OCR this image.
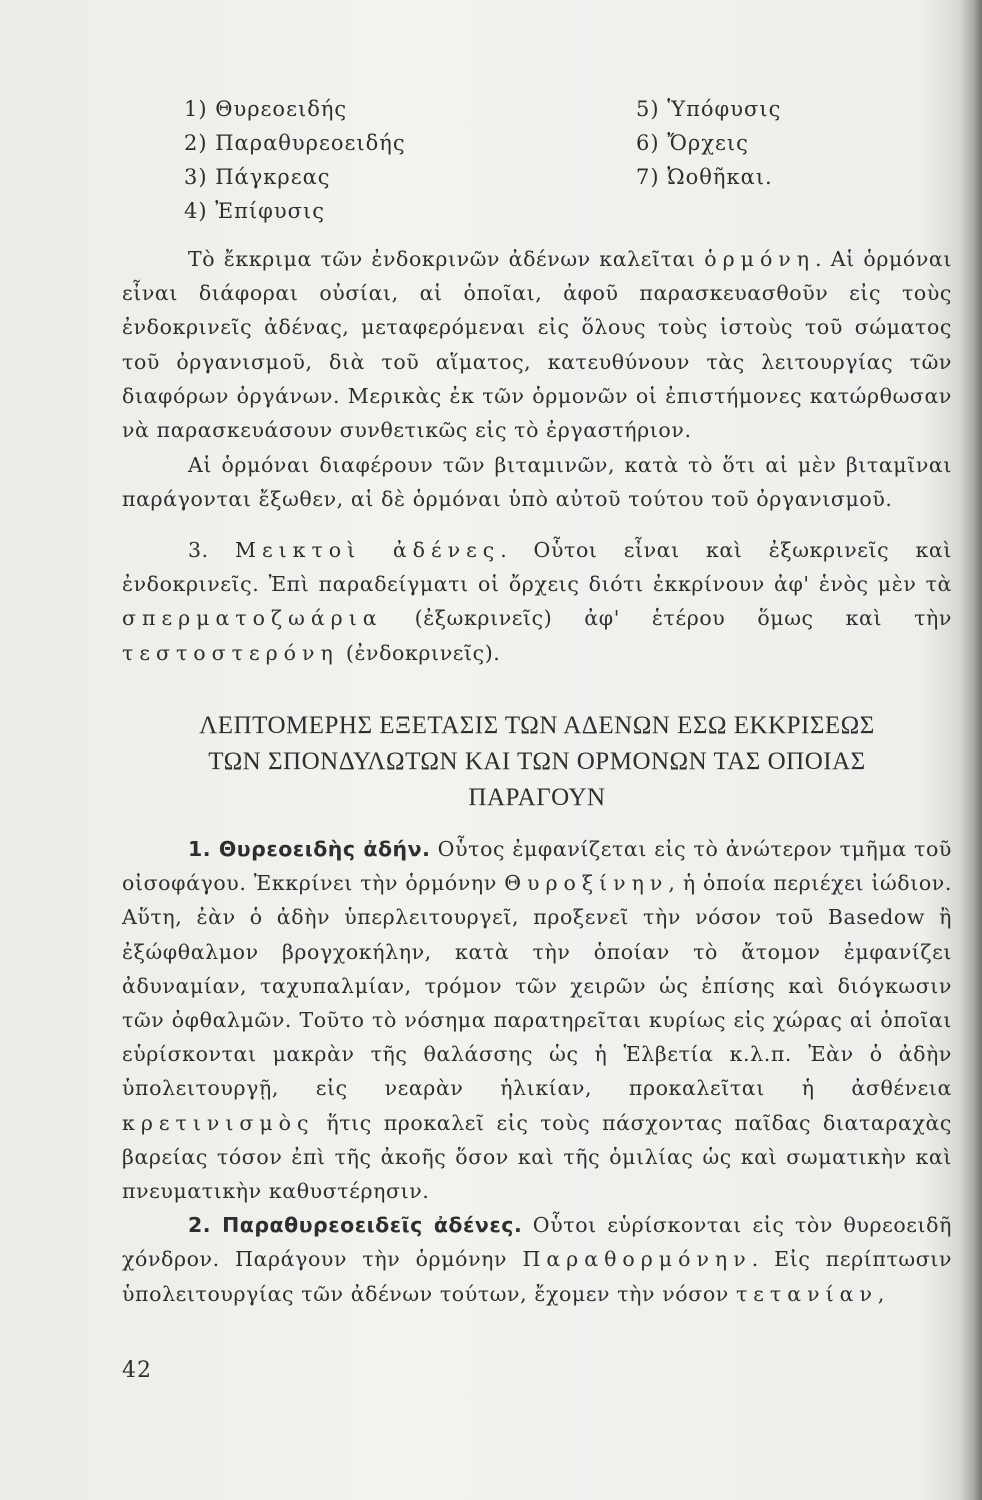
1) Θυρεοειδής
2) Παραθυρεοειδής
3) Πάγκρεας
4) Ἐπίφυσις
5) Ὑπόφυσις
6) Ὄρχεις
7) Ὠοθῆκαι.

Τὸ ἔκκριμα τῶν ἐνδοκρινῶν ἀδένων καλεῖται ὁρμόνη. Αἱ ὁρμόναι εἶναι διάφοραι οὐσίαι, αἱ ὁποῖαι, ἀφοῦ παρασκευασθοῦν εἰς τοὺς ἐνδοκρινεῖς ἀδένας, μεταφερόμεναι εἰς ὅλους τοὺς ἱστοὺς τοῦ σώματος τοῦ ὀργανισμοῦ, διὰ τοῦ αἵματος, κατευθύνουν τὰς λειτουργίας τῶν διαφόρων ὀργάνων. Μερικὰς ἐκ τῶν ὁρμονῶν οἱ ἐπιστήμονες κατώρθωσαν νὰ παρασκευάσουν συνθετικῶς εἰς τὸ ἐργαστήριον.

Αἱ ὁρμόναι διαφέρουν τῶν βιταμινῶν, κατὰ τὸ ὅτι αἱ μὲν βιταμῖναι παράγονται ἔξωθεν, αἱ δὲ ὁρμόναι ὑπὸ αὐτοῦ τούτου τοῦ ὀργανισμοῦ.

3. Μεικτοὶ ἀδένες. Οὗτοι εἶναι καὶ ἐξωκρινεῖς καὶ ἐνδοκρινεῖς. Ἐπὶ παραδείγματι οἱ ὄρχεις διότι ἐκκρίνουν ἀφ' ἑνὸς μὲν τὰ σπερματοζωάρια (ἐξωκρινεῖς) ἀφ' ἑτέρου ὅμως καὶ τὴν τεστοστερόνη (ἐνδοκρινεῖς).

ΛΕΠΤΟΜΕΡΗΣ ΕΞΕΤΑΣΙΣ ΤΩΝ ΑΔΕΝΩΝ ΕΣΩ ΕΚΚΡΙΣΕΩΣ
ΤΩΝ ΣΠΟΝΔΥΛΩΤΩΝ ΚΑΙ ΤΩΝ ΟΡΜΟΝΩΝ ΤΑΣ ΟΠΟΙΑΣ
ΠΑΡΑΓΟΥΝ

1. Θυρεοειδὴς ἀδήν. Οὗτος ἐμφανίζεται εἰς τὸ ἀνώτερον τμῆμα τοῦ οἰσοφάγου. Ἐκκρίνει τὴν ὁρμόνην Θυροξίνην, ἡ ὁποία περιέχει ἰώδιον. Αὕτη, ἐὰν ὁ ἀδὴν ὑπερλειτουργεῖ, προξενεῖ τὴν νόσον τοῦ Basedow ἢ ἐξώφθαλμον βρογχοκήλην, κατὰ τὴν ὁποίαν τὸ ἄτομον ἐμφανίζει ἀδυναμίαν, ταχυπαλμίαν, τρόμον τῶν χειρῶν ὡς ἐπίσης καὶ διόγκωσιν τῶν ὀφθαλμῶν. Τοῦτο τὸ νόσημα παρατηρεῖται κυρίως εἰς χώρας αἱ ὁποῖαι εὑρίσκονται μακρὰν τῆς θαλάσσης ὡς ἡ Ἑλβετία κ.λ.π. Ἐὰν ὁ ἀδὴν ὑπολειτουργῇ, εἰς νεαρὰν ἡλικίαν, προκαλεῖται ἡ ἀσθένεια κρετινισμὸς ἥτις προκαλεῖ εἰς τοὺς πάσχοντας παῖδας διαταραχὰς βαρείας τόσον ἐπὶ τῆς ἀκοῆς ὅσον καὶ τῆς ὁμιλίας ὡς καὶ σωματικὴν καὶ πνευματικὴν καθυστέρησιν.

2. Παραθυρεοειδεῖς ἀδένες. Οὗτοι εὑρίσκονται εἰς τὸν θυρεοειδῆ χόνδρον. Παράγουν τὴν ὁρμόνην Παραθορμόνην. Εἰς περίπτωσιν ὑπολειτουργίας τῶν ἀδένων τούτων, ἔχομεν τὴν νόσον τετανίαν,

42
